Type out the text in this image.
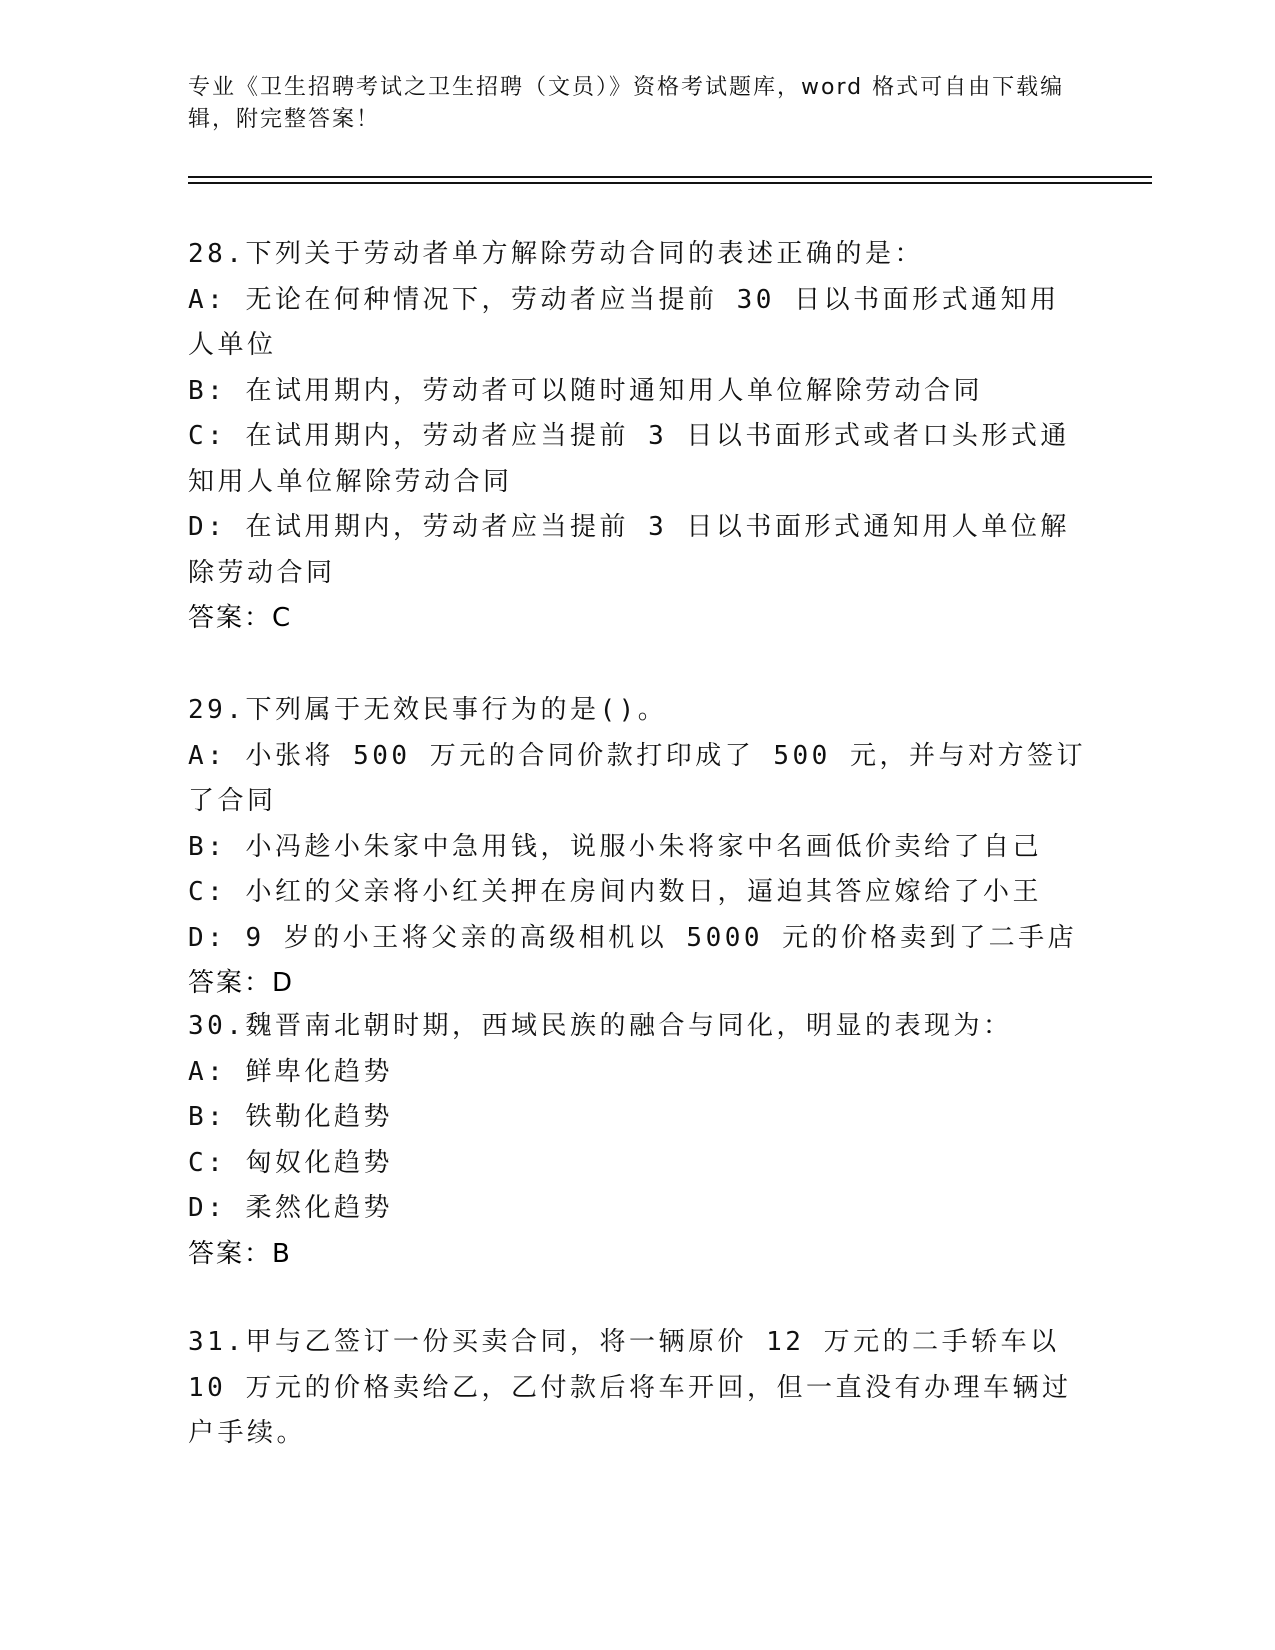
专业《卫生招聘考试之卫生招聘（文员）》资格考试题库，word 格式可自由下载编辑，附完整答案！
28.下列关于劳动者单方解除劳动合同的表述正确的是：
A: 无论在何种情况下，劳动者应当提前 30 日以书面形式通知用人单位
B: 在试用期内，劳动者可以随时通知用人单位解除劳动合同
C: 在试用期内，劳动者应当提前 3 日以书面形式或者口头形式通知用人单位解除劳动合同
D: 在试用期内，劳动者应当提前 3 日以书面形式通知用人单位解除劳动合同
答案：C
29.下列属于无效民事行为的是()。
A: 小张将 500 万元的合同价款打印成了 500 元，并与对方签订了合同
B: 小冯趁小朱家中急用钱，说服小朱将家中名画低价卖给了自己
C: 小红的父亲将小红关押在房间内数日，逼迫其答应嫁给了小王
D: 9 岁的小王将父亲的高级相机以 5000 元的价格卖到了二手店
答案：D
30.魏晋南北朝时期，西域民族的融合与同化，明显的表现为：
A: 鲜卑化趋势
B: 铁勒化趋势
C: 匈奴化趋势
D: 柔然化趋势
答案：B
31.甲与乙签订一份买卖合同，将一辆原价 12 万元的二手轿车以 10 万元的价格卖给乙，乙付款后将车开回，但一直没有办理车辆过户手续。
